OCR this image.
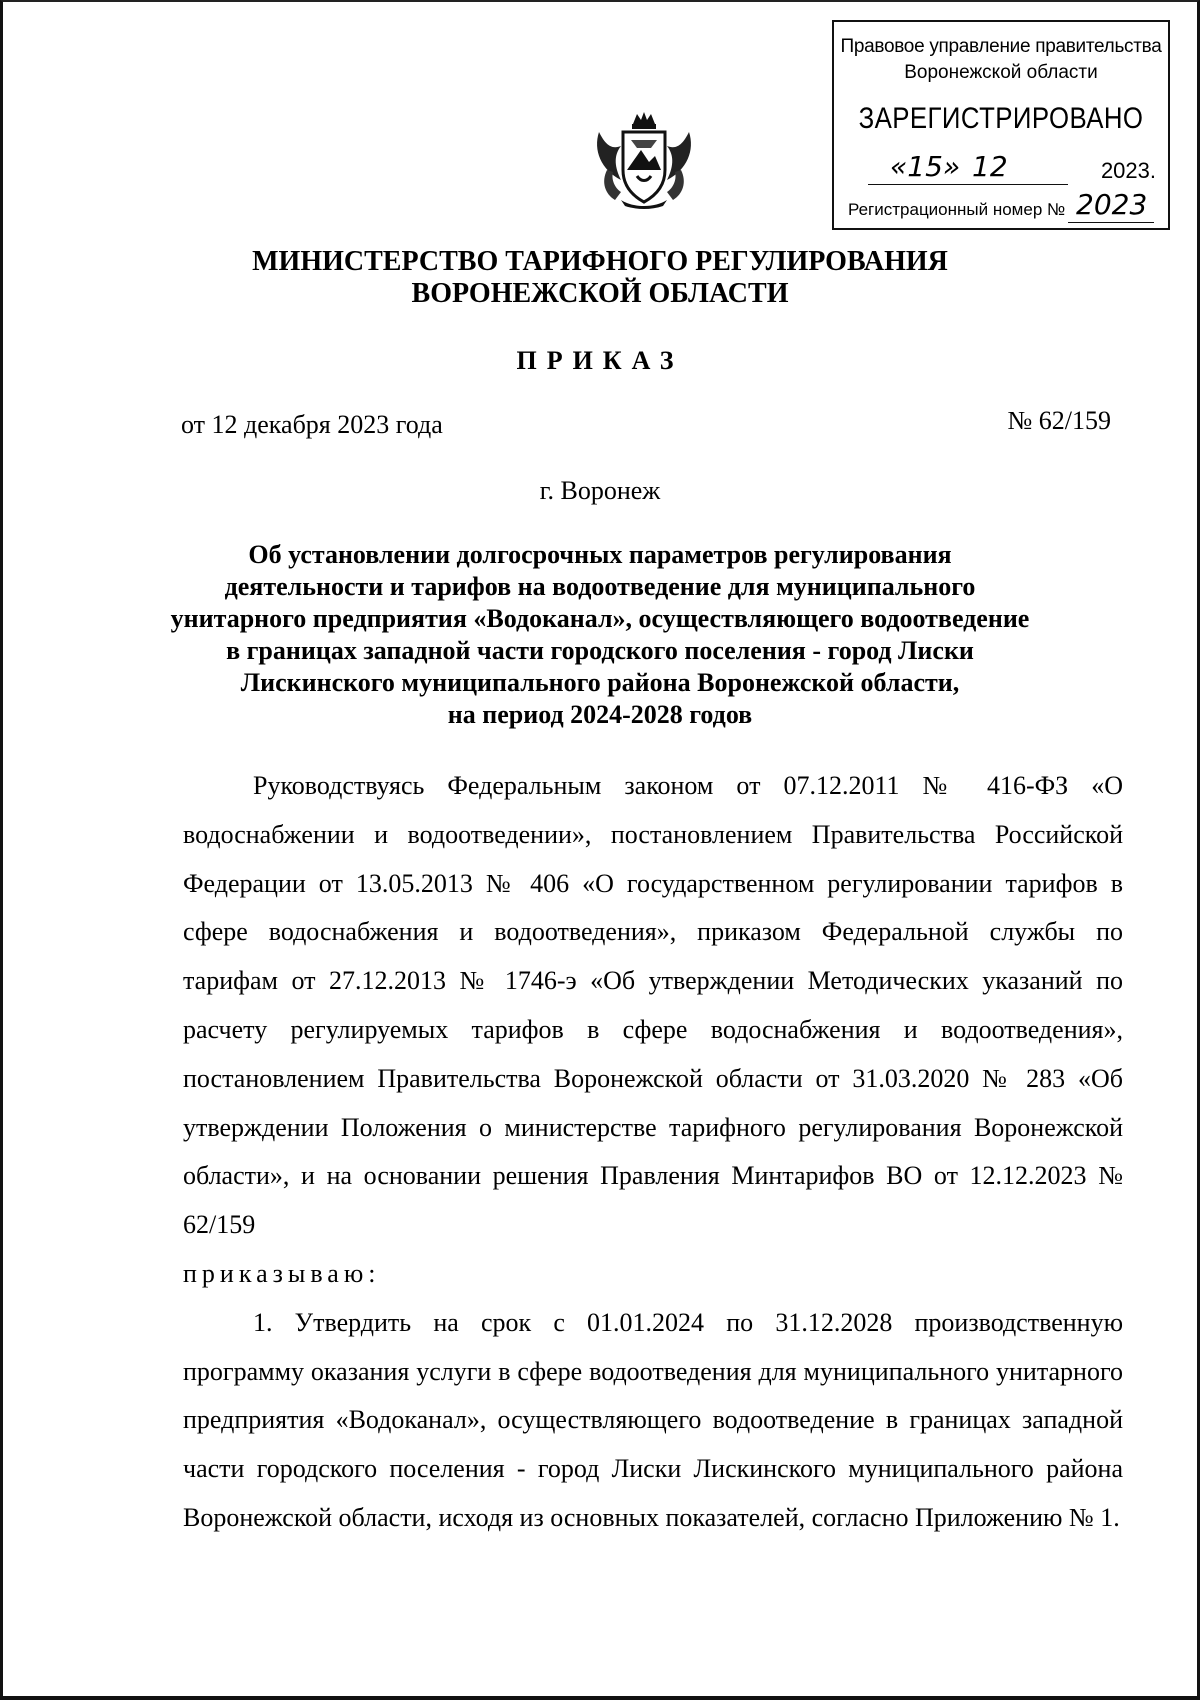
Правовое управление правительства
Воронежской области
ЗАРЕГИСТРИРОВАНО
«15» 12	2023.
Регистрационный номер № 2023
МИНИСТЕРСТВО ТАРИФНОГО РЕГУЛИРОВАНИЯ
ВОРОНЕЖСКОЙ ОБЛАСТИ
ПРИКАЗ
от 12 декабря 2023 года	№ 62/159
г. Воронеж
Об установлении долгосрочных параметров регулирования
деятельности и тарифов на водоотведение для муниципального
унитарного предприятия «Водоканал», осуществляющего водоотведение
в границах западной части городского поселения - город Лиски
Лискинского муниципального района Воронежской области,
на период 2024-2028 годов

Руководствуясь Федеральным законом от 07.12.2011 № 416-ФЗ «О водоснабжении и водоотведении», постановлением Правительства Российской Федерации от 13.05.2013 № 406 «О государственном регулировании тарифов в сфере водоснабжения и водоотведения», приказом Федеральной службы по тарифам от 27.12.2013 № 1746-э «Об утверждении Методических указаний по расчету регулируемых тарифов в сфере водоснабжения и водоотведения», постановлением Правительства Воронежской области от 31.03.2020 № 283 «Об утверждении Положения о министерстве тарифного регулирования Воронежской области», и на основании решения Правления Минтарифов ВО от 12.12.2023 № 62/159

приказываю:

1. Утвердить на срок с 01.01.2024 по 31.12.2028 производственную программу оказания услуги в сфере водоотведения для муниципального унитарного предприятия «Водоканал», осуществляющего водоотведение в границах западной части городского поселения - город Лиски Лискинского муниципального района Воронежской области, исходя из основных показателей, согласно Приложению № 1.
